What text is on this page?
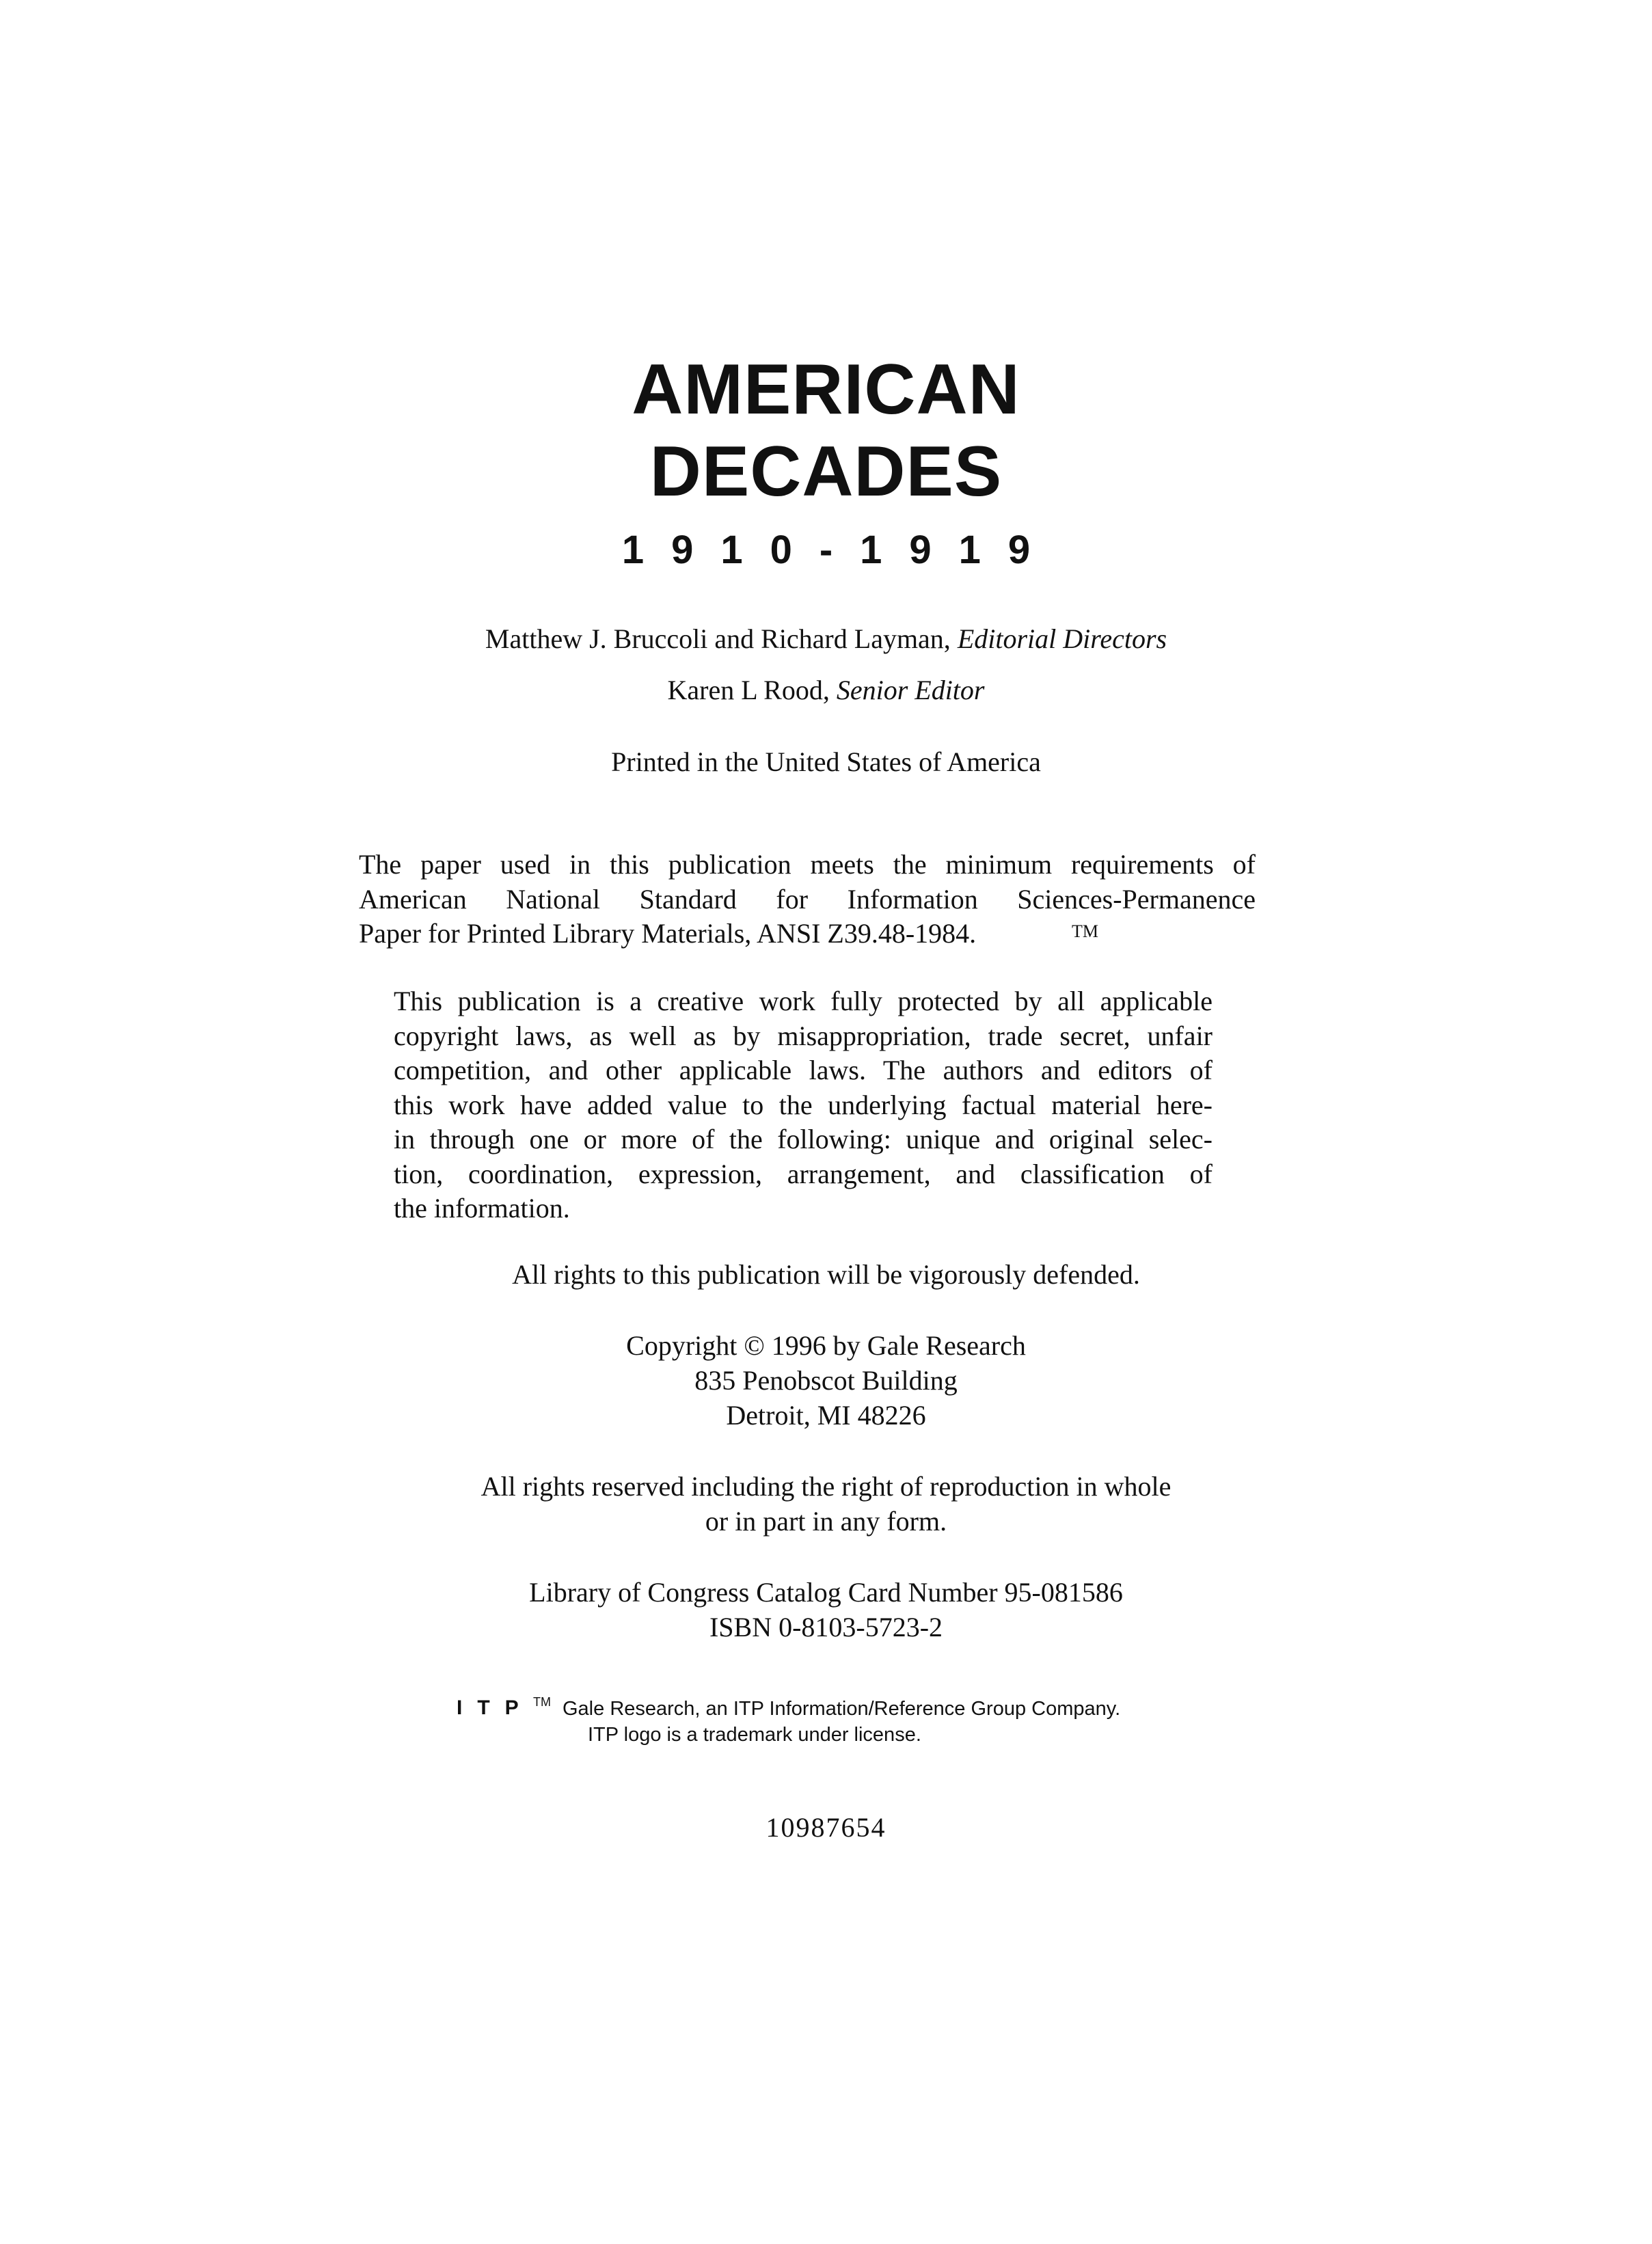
AMERICAN
DECADES
1910-1919
Matthew J. Bruccoli and Richard Layman, Editorial Directors
Karen L Rood, Senior Editor
Printed in the United States of America
The paper used in this publication meets the minimum requirements of
American National Standard for Information Sciences-Permanence
Paper for Printed Library Materials, ANSI Z39.48-1984.	TM
This publication is a creative work fully protected by all applicable
copyright laws, as well as by misappropriation, trade secret, unfair
competition, and other applicable laws. The authors and editors of
this work have added value to the underlying factual material here-
in through one or more of the following: unique and original selec-
tion, coordination, expression, arrangement, and classification of
the information.
All rights to this publication will be vigorously defended.
Copyright © 1996 by Gale Research
835 Penobscot Building
Detroit, MI 48226
All rights reserved including the right of reproduction in whole
or in part in any form.
Library of Congress Catalog Card Number 95-081586
ISBN 0-8103-5723-2
ITP TM Gale Research, an ITP Information/Reference Group Company.
ITP logo is a trademark under license.
10987654
